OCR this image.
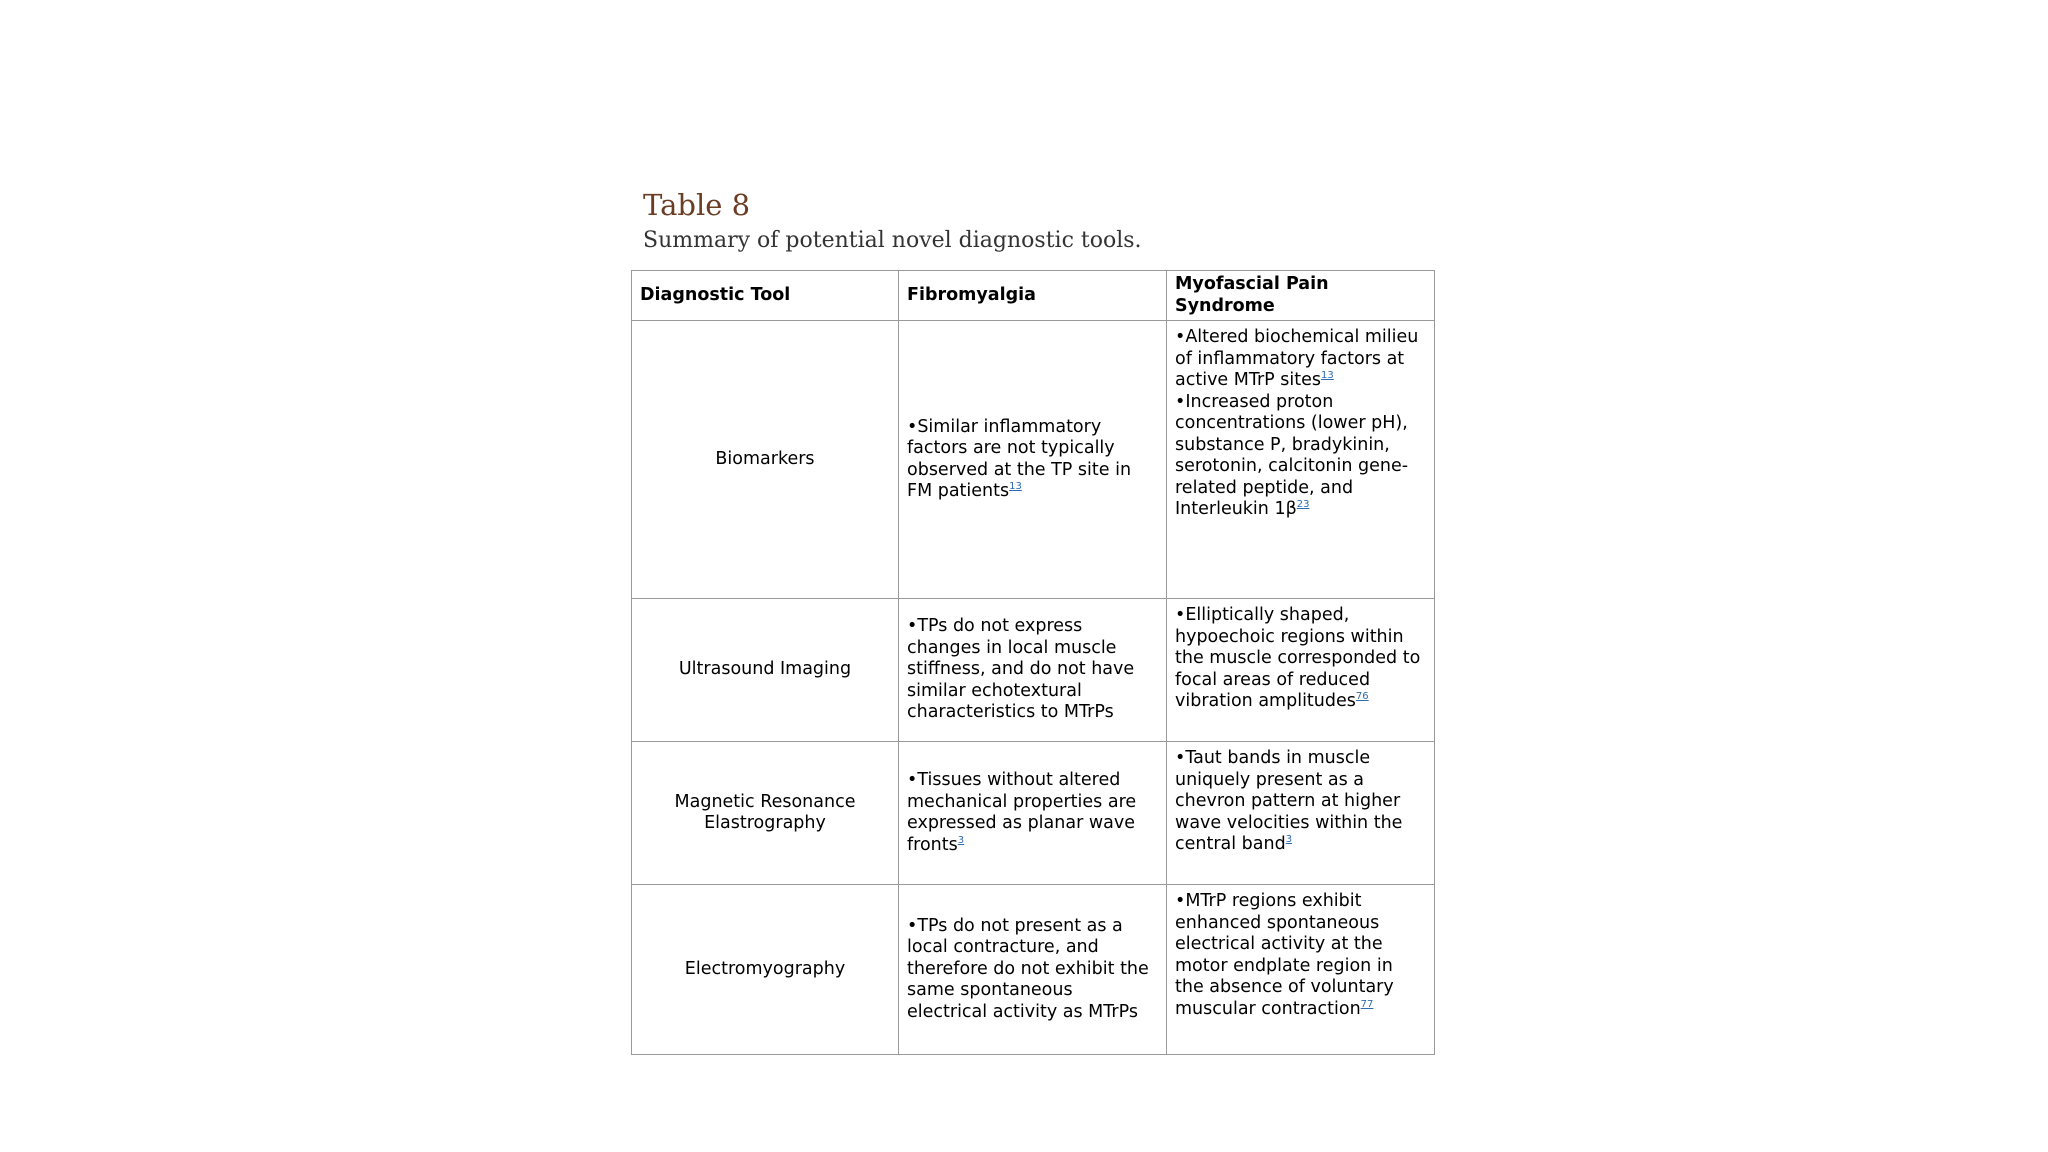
Table 8
Summary of potential novel diagnostic tools.
Diagnostic Tool	Fibromyalgia	Myofascial Pain Syndrome
Biomarkers	•Similar inflammatory factors are not typically observed at the TP site in FM patients$^{13}$	•Altered biochemical milieu of inflammatory factors at active MTrP sites$^{13}$
•Increased proton concentrations (lower pH), substance P, bradykinin, serotonin, calcitonin gene-related peptide, and Interleukin 1β$^{23}$

Ultrasound Imaging	•TPs do not express changes in local muscle stiffness, and do not have similar echotextural characteristics to MTrPs	•Elliptically shaped, hypoechoic regions within the muscle corresponded to focal areas of reduced vibration amplitudes$^{76}$

Magnetic Resonance Elastrography	•Tissues without altered mechanical properties are expressed as planar wave fronts$^3$	•Taut bands in muscle uniquely present as a chevron pattern at higher wave velocities within the central band$^3$

Electromyography	•TPs do not present as a local contracture, and therefore do not exhibit the same spontaneous electrical activity as MTrPs	•MTrP regions exhibit enhanced spontaneous electrical activity at the motor endplate region in the absence of voluntary muscular contraction$^{77}$
